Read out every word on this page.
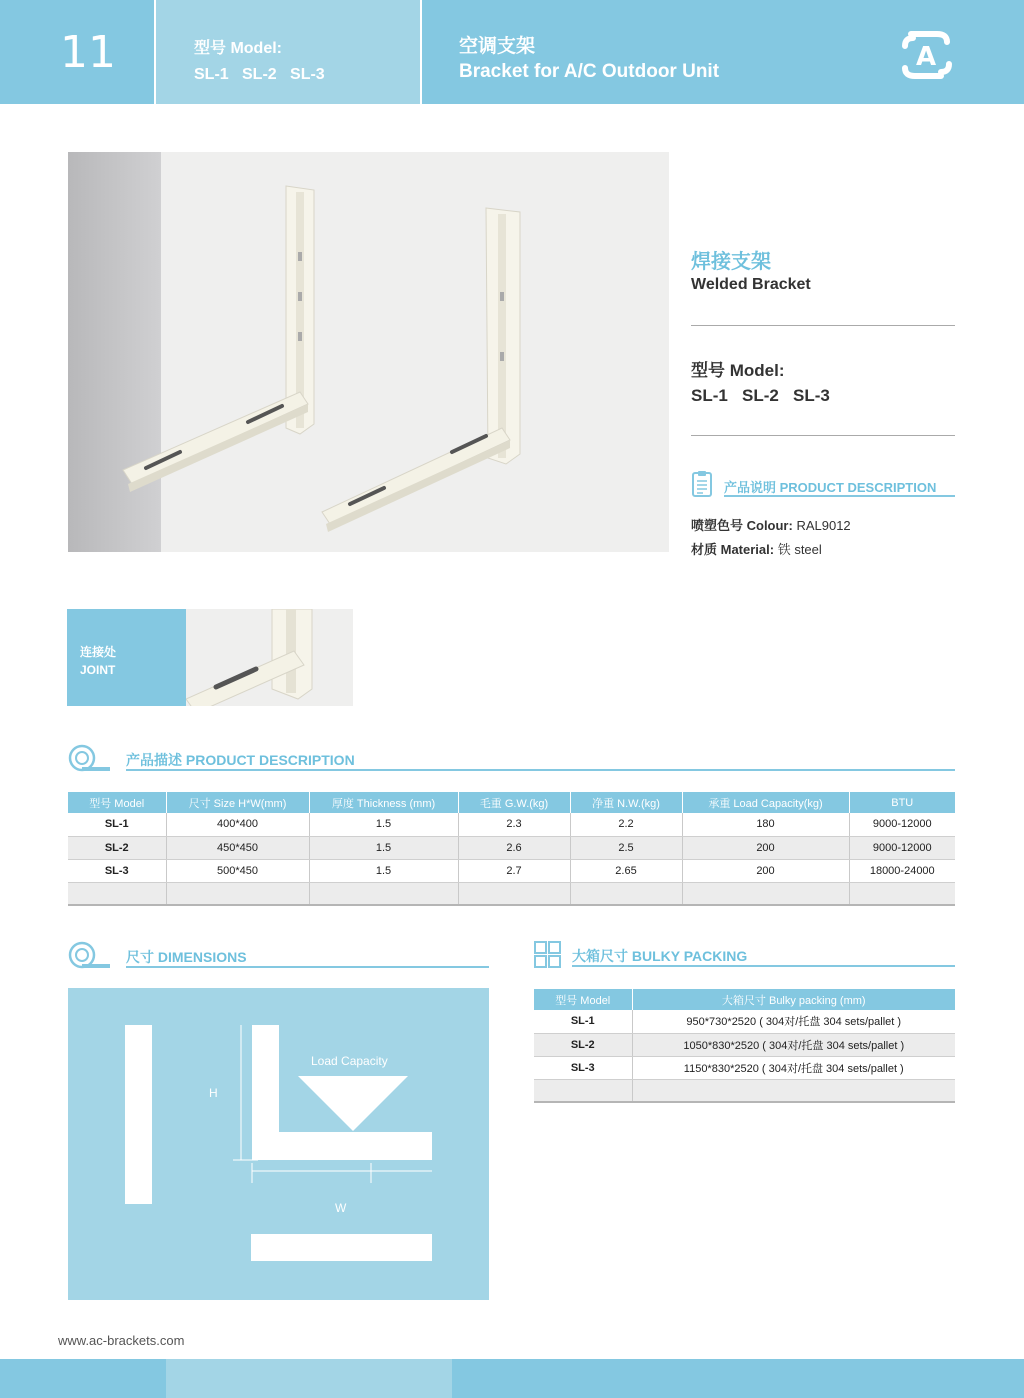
11	型号 Model:
SL-1   SL-2   SL-3
空调支架
Bracket for A/C Outdoor Unit	A
焊接支架
Welded Bracket
型号 Model:
SL-1   SL-2   SL-3
产品说明 PRODUCT DESCRIPTION
喷塑色号 Colour: RAL9012
材质 Material: 铁 steel
连接处
JOINT
产品描述 PRODUCT DESCRIPTION
型号 Model	尺寸 Size H*W(mm)	厚度 Thickness (mm)	毛重 G.W.(kg)	净重 N.W.(kg)	承重 Load Capacity(kg)	BTU
SL-1	400*400	1.5	2.3	2.2	180	9000-12000
SL-2	450*450	1.5	2.6	2.5	200	9000-12000
SL-3	500*450	1.5	2.7	2.65	200	18000-24000

尺寸 DIMENSIONS
H
W
Load Capacity
大箱尺寸 BULKY PACKING
型号 Model	大箱尺寸 Bulky packing (mm)
SL-1	950*730*2520 ( 304对/托盘 304 sets/pallet )
SL-2	1050*830*2520 ( 304对/托盘 304 sets/pallet )
SL-3	1150*830*2520 ( 304对/托盘 304 sets/pallet )

www.ac-brackets.com
